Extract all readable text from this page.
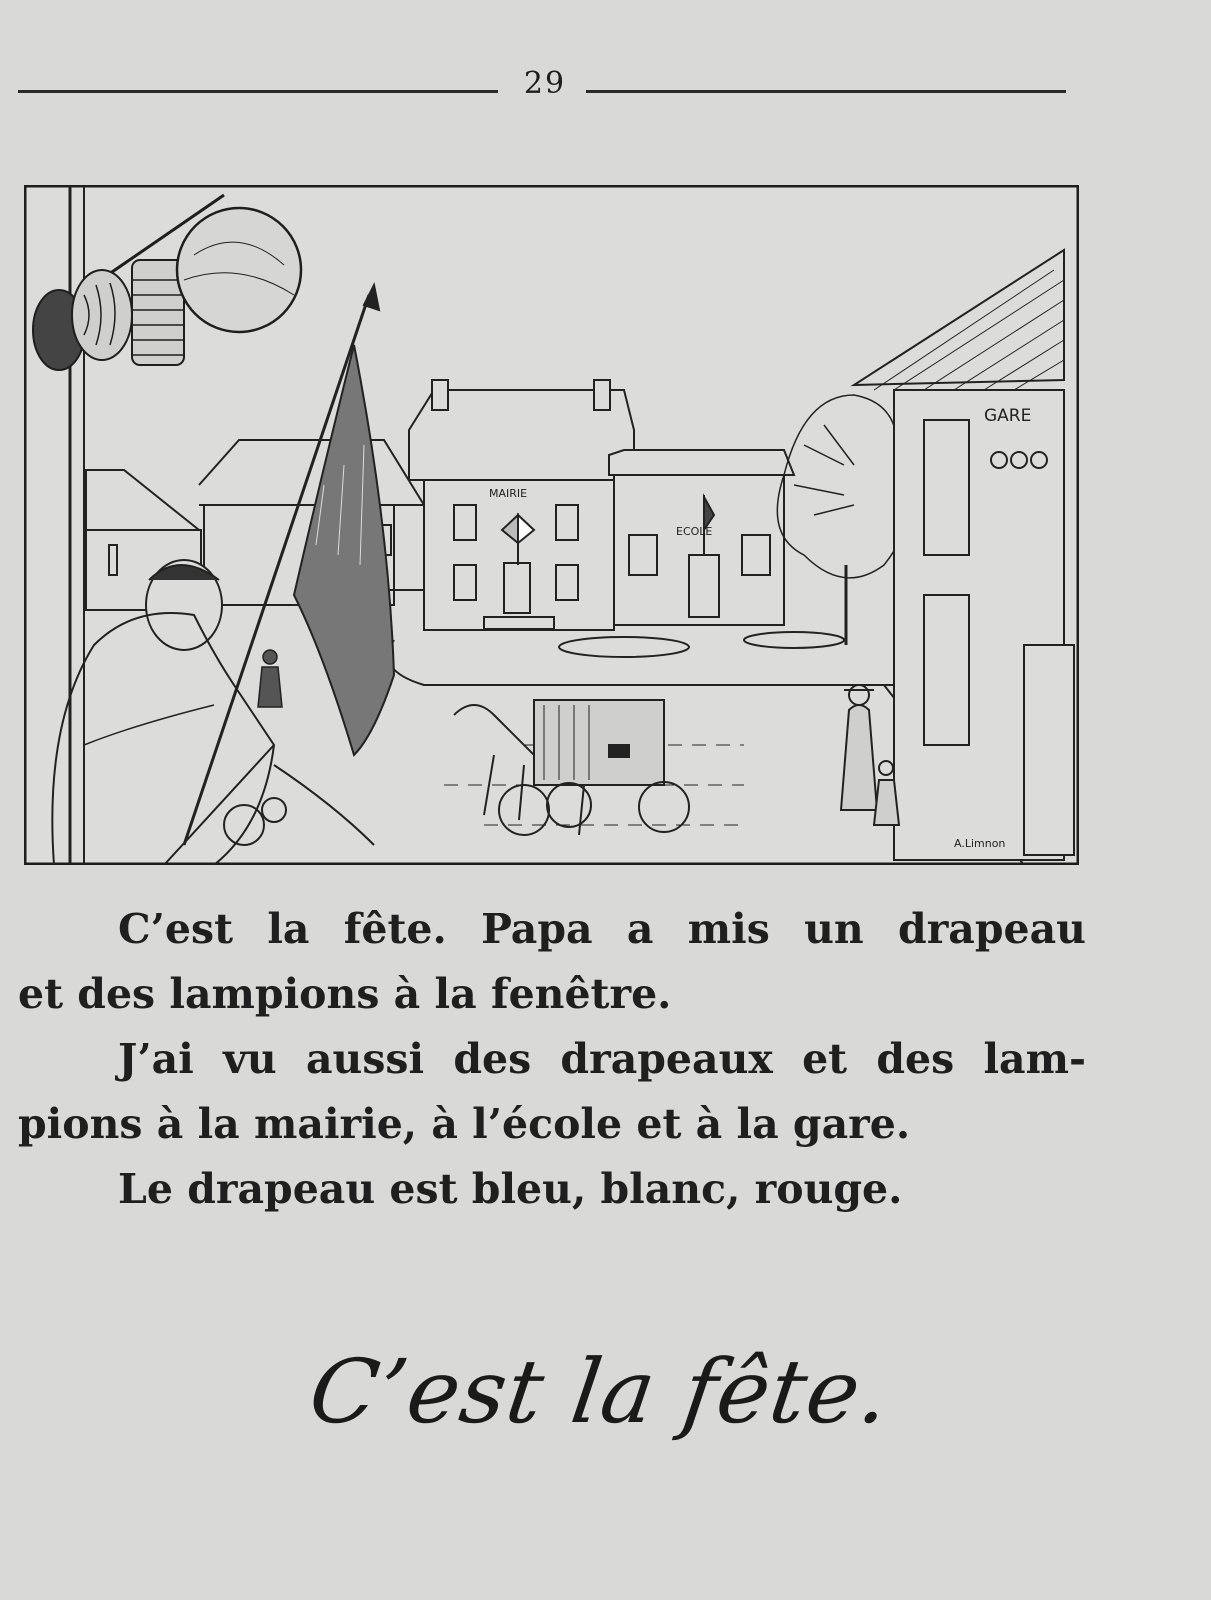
29
MAIRIE
ECOLE
GARE
A.Limnon

C’est la fête. Papa a mis un drapeau

et des lampions à la fenêtre.

J’ai vu aussi des drapeaux et des lam-

pions à la mairie, à l’école et à la gare.

Le drapeau est bleu, blanc, rouge.

C’est la fête.
